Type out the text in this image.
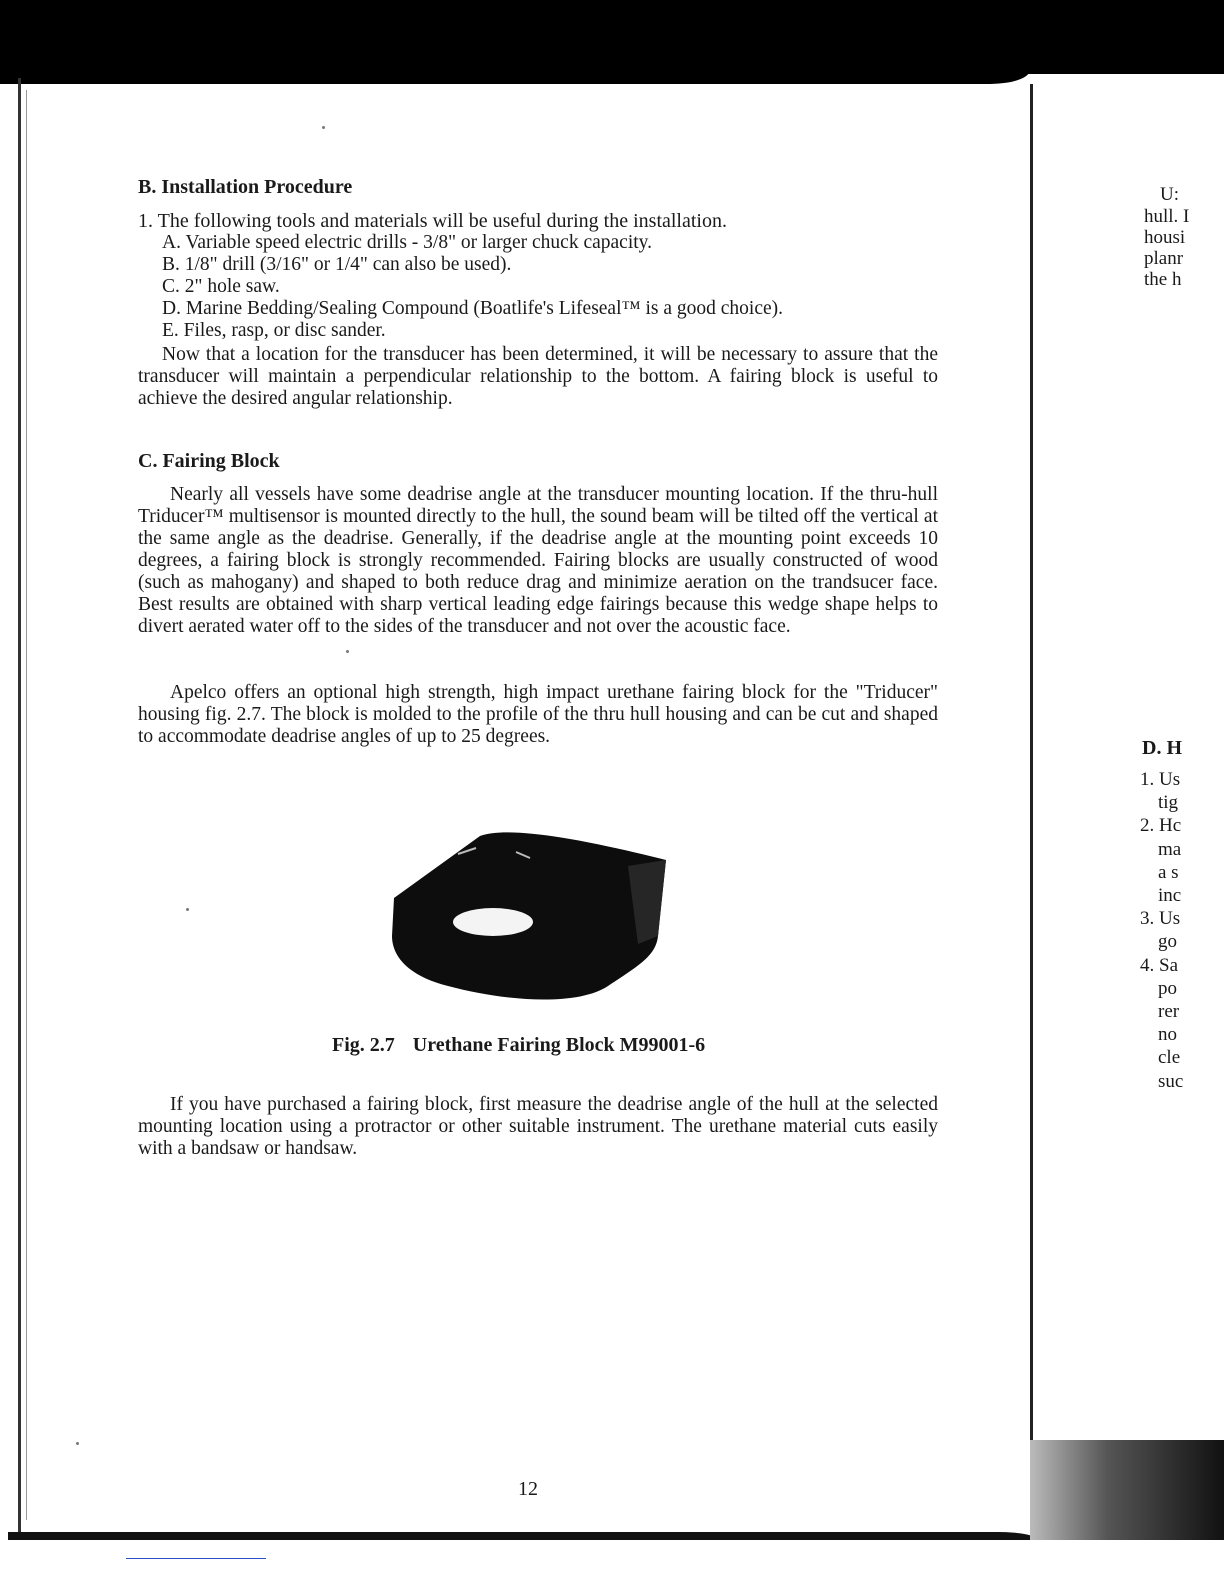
B. Installation Procedure
1. The following tools and materials will be useful during the installation.
A. Variable speed electric drills - 3/8" or larger chuck capacity.
B. 1/8" drill (3/16" or 1/4" can also be used).
C. 2" hole saw.
D. Marine Bedding/Sealing Compound (Boatlife's Lifeseal™ is a good choice).
E. Files, rasp, or disc sander.
Now that a location for the transducer has been determined, it will be necessary to assure that the transducer will maintain a perpendicular relationship to the bottom. A fairing block is useful to achieve the desired angular relationship.
C. Fairing Block
Nearly all vessels have some deadrise angle at the transducer mounting location. If the thru-hull Triducer™ multisensor is mounted directly to the hull, the sound beam will be tilted off the vertical at the same angle as the deadrise. Generally, if the deadrise angle at the mounting point exceeds 10 degrees, a fairing block is strongly recommended. Fairing blocks are usually constructed of wood (such as mahogany) and shaped to both reduce drag and minimize aeration on the trandsucer face. Best results are obtained with sharp vertical leading edge fairings because this wedge shape helps to divert aerated water off to the sides of the transducer and not over the acoustic face.
Apelco offers an optional high strength, high impact urethane fairing block for the "Triducer" housing fig. 2.7. The block is molded to the profile of the thru hull housing and can be cut and shaped to accommodate deadrise angles of up to 25 degrees.
Fig. 2.7 Urethane Fairing Block M99001-6
If you have purchased a fairing block, first measure the deadrise angle of the hull at the selected mounting location using a protractor or other suitable instrument. The urethane material cuts easily with a bandsaw or handsaw.
12
U:
hull. I
housi
planr
the h
D. H
1. Us
tig
2. Hc
ma
a s
inc
3. Us
go
4. Sa
po
rer
no
cle
suc
